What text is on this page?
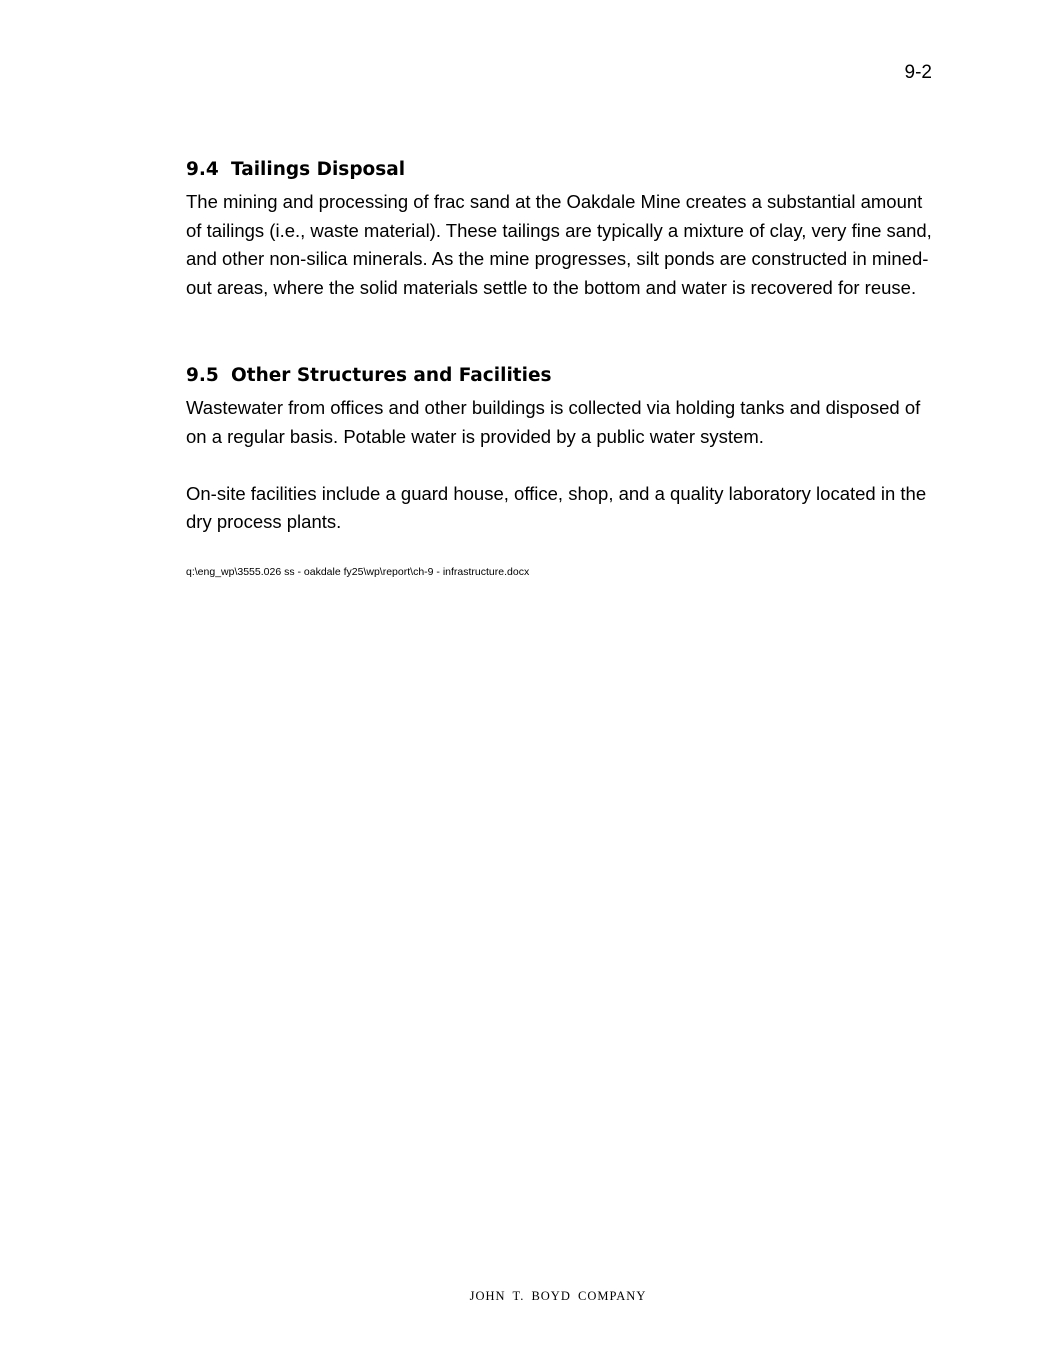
9-2
9.4 Tailings Disposal

The mining and processing of frac sand at the Oakdale Mine creates a substantial amount of tailings (i.e., waste material). These tailings are typically a mixture of clay, very fine sand, and other non-silica minerals. As the mine progresses, silt ponds are constructed in mined-out areas, where the solid materials settle to the bottom and water is recovered for reuse.

9.5 Other Structures and Facilities

Wastewater from offices and other buildings is collected via holding tanks and disposed of on a regular basis. Potable water is provided by a public water system.

On-site facilities include a guard house, office, shop, and a quality laboratory located in the dry process plants.

q:\eng_wp\3555.026 ss - oakdale fy25\wp\report\ch-9 - infrastructure.docx
JOHN T. BOYD COMPANY
